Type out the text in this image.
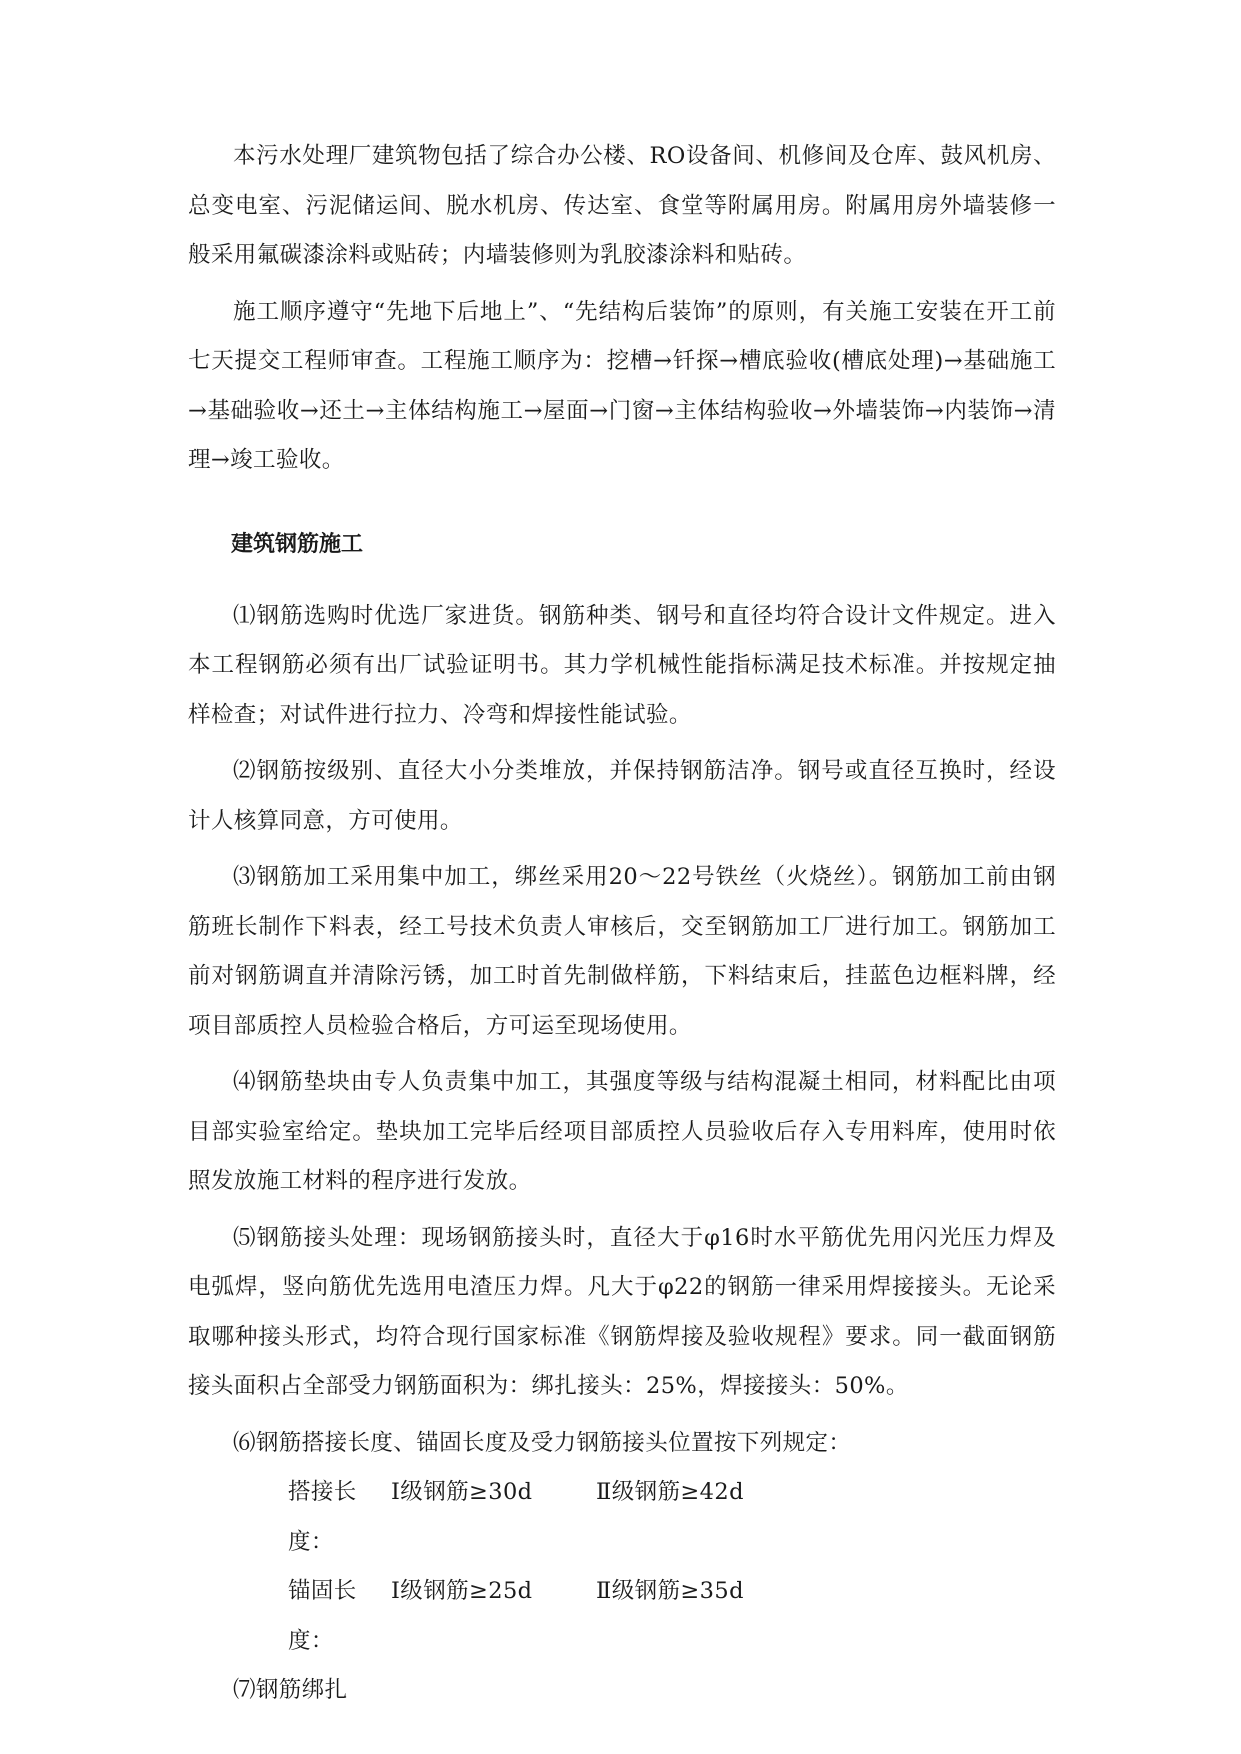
本污水处理厂建筑物包括了综合办公楼、RO设备间、机修间及仓库、鼓风机房、总变电室、污泥储运间、脱水机房、传达室、食堂等附属用房。附属用房外墙装修一般采用氟碳漆涂料或贴砖；内墙装修则为乳胶漆涂料和贴砖。

施工顺序遵守“先地下后地上”、“先结构后装饰”的原则，有关施工安装在开工前七天提交工程师审查。工程施工顺序为：挖槽→钎探→槽底验收(槽底处理)→基础施工→基础验收→还土→主体结构施工→屋面→门窗→主体结构验收→外墙装饰→内装饰→清理→竣工验收。

建筑钢筋施工

⑴钢筋选购时优选厂家进货。钢筋种类、钢号和直径均符合设计文件规定。进入本工程钢筋必须有出厂试验证明书。其力学机械性能指标满足技术标准。并按规定抽样检查；对试件进行拉力、冷弯和焊接性能试验。

⑵钢筋按级别、直径大小分类堆放，并保持钢筋洁净。钢号或直径互换时，经设计人核算同意，方可使用。

⑶钢筋加工采用集中加工，绑丝采用20～22号铁丝（火烧丝）。钢筋加工前由钢筋班长制作下料表，经工号技术负责人审核后，交至钢筋加工厂进行加工。钢筋加工前对钢筋调直并清除污锈，加工时首先制做样筋，下料结束后，挂蓝色边框料牌，经项目部质控人员检验合格后，方可运至现场使用。

⑷钢筋垫块由专人负责集中加工，其强度等级与结构混凝土相同，材料配比由项目部实验室给定。垫块加工完毕后经项目部质控人员验收后存入专用料库，使用时依照发放施工材料的程序进行发放。

⑸钢筋接头处理：现场钢筋接头时，直径大于φ16时水平筋优先用闪光压力焊及电弧焊，竖向筋优先选用电渣压力焊。凡大于φ22的钢筋一律采用焊接接头。无论采取哪种接头形式，均符合现行国家标准《钢筋焊接及验收规程》要求。同一截面钢筋接头面积占全部受力钢筋面积为：绑扎接头：25%，焊接接头：50%。

⑹钢筋搭接长度、锚固长度及受力钢筋接头位置按下列规定：

搭接长度：
Ⅰ级钢筋≥30d	Ⅱ级钢筋≥42d
锚固长度：
Ⅰ级钢筋≥25d	Ⅱ级钢筋≥35d

⑺钢筋绑扎
